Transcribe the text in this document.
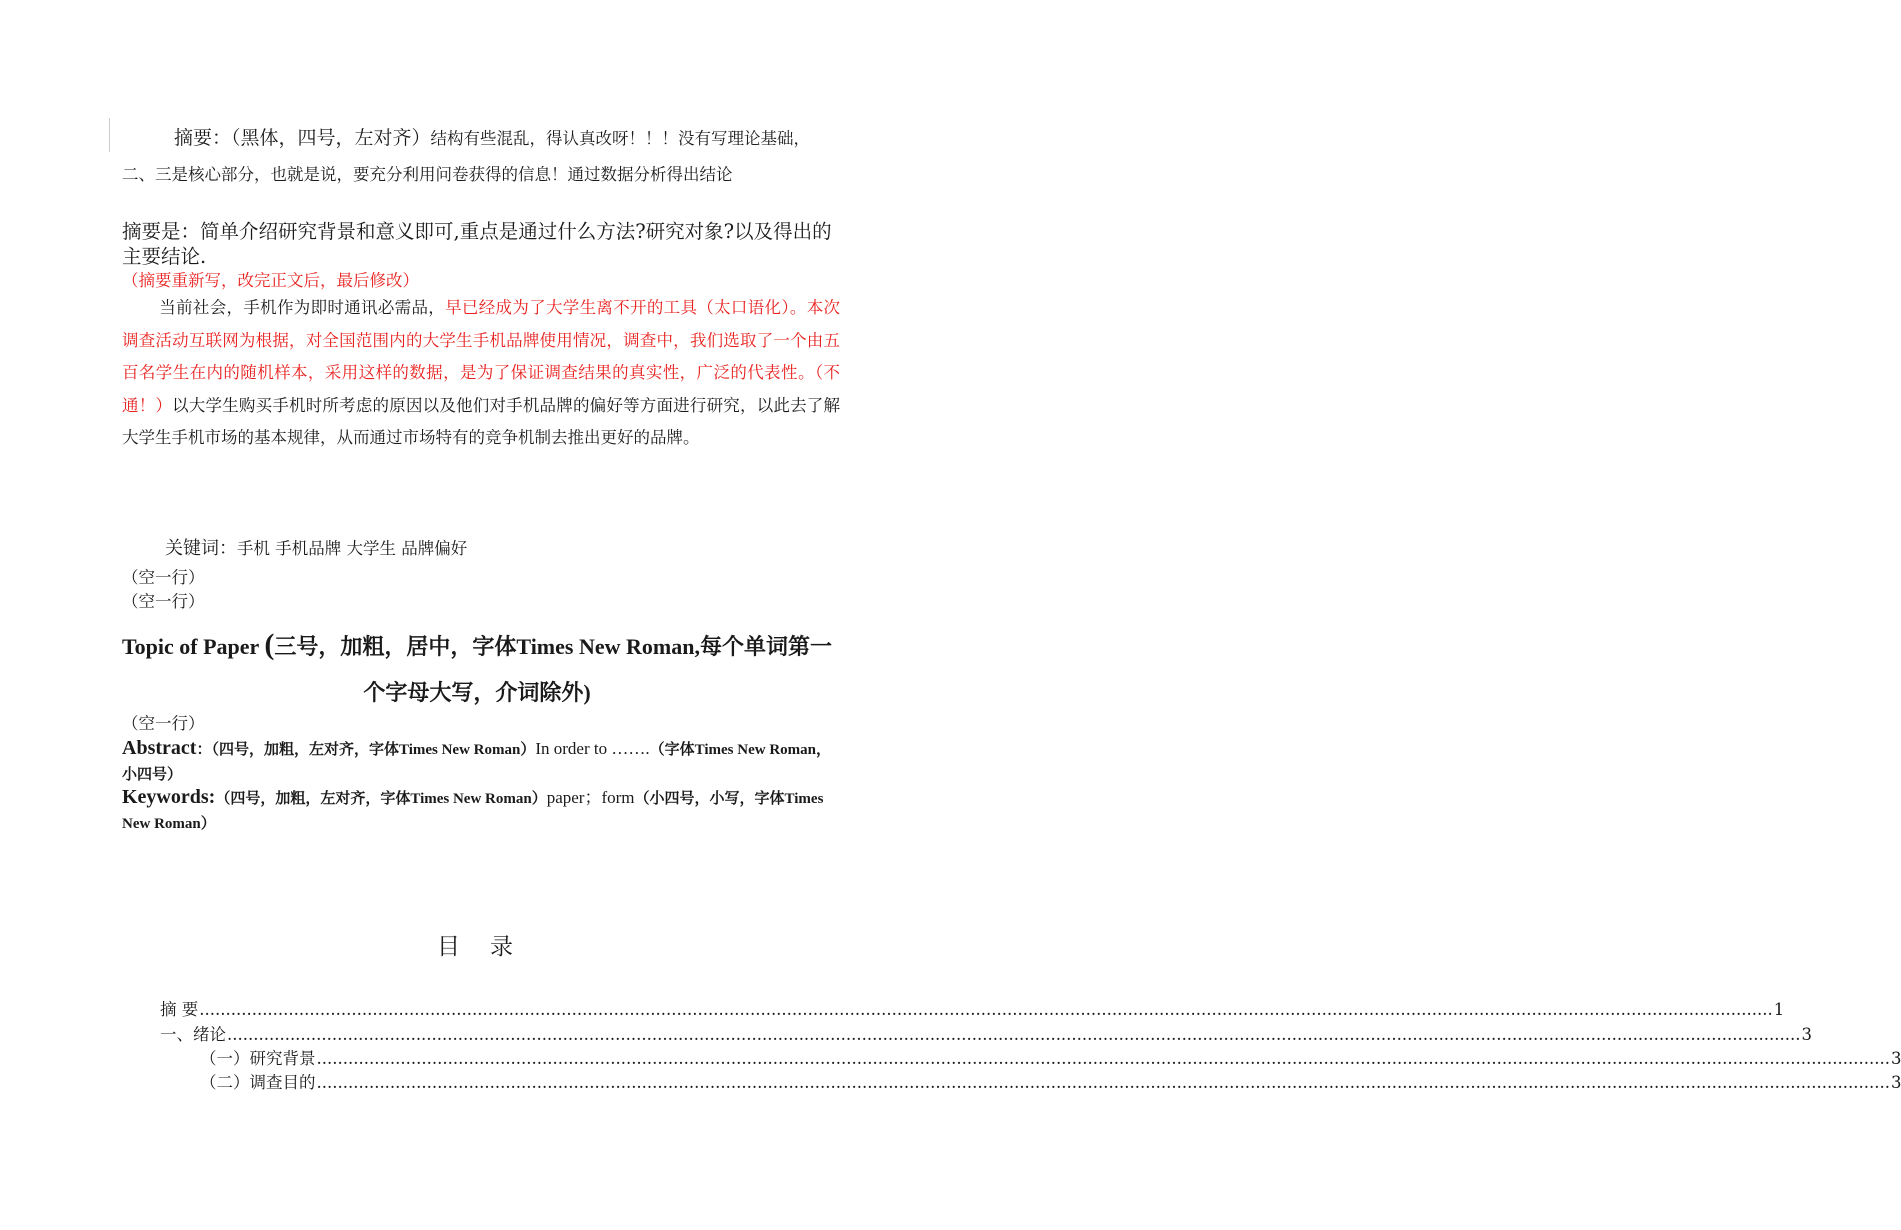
摘要：（黑体，四号，左对齐）结构有些混乱，得认真改呀！！！没有写理论基础，二、三是核心部分，也就是说，要充分利用问卷获得的信息！通过数据分析得出结论
摘要是：简单介绍研究背景和意义即可,重点是通过什么方法?研究对象?以及得出的主要结论.
（摘要重新写，改完正文后，最后修改）
当前社会，手机作为即时通讯必需品，早已经成为了大学生离不开的工具（太口语化）。本次调查活动互联网为根据，对全国范围内的大学生手机品牌使用情况，调查中，我们选取了一个由五百名学生在内的随机样本，采用这样的数据，是为了保证调查结果的真实性，广泛的代表性。（不通！）以大学生购买手机时所考虑的原因以及他们对手机品牌的偏好等方面进行研究，以此去了解大学生手机市场的基本规律，从而通过市场特有的竞争机制去推出更好的品牌。
关键词：手机 手机品牌 大学生 品牌偏好
（空一行）
（空一行）
Topic of Paper (三号，加粗，居中，字体Times New Roman,每个单词第一个字母大写，介词除外)
（空一行）
Abstract：（四号，加粗，左对齐，字体Times New Roman）In order to …….（字体Times New Roman，小四号）
Keywords:（四号，加粗，左对齐，字体Times New Roman）paper；form（小四号，小写，字体Times New Roman）
目 录
摘 要 ............................................................................................................................................................................................................................................................................................................ 1
一、绪论 ............................................................................................................................................................................................................................................................................................................ 3
（一）研究背景 ............................................................................................................................................................................................................................................................................................................ 3
（二）调查目的 ............................................................................................................................................................................................................................................................................................................ 3
